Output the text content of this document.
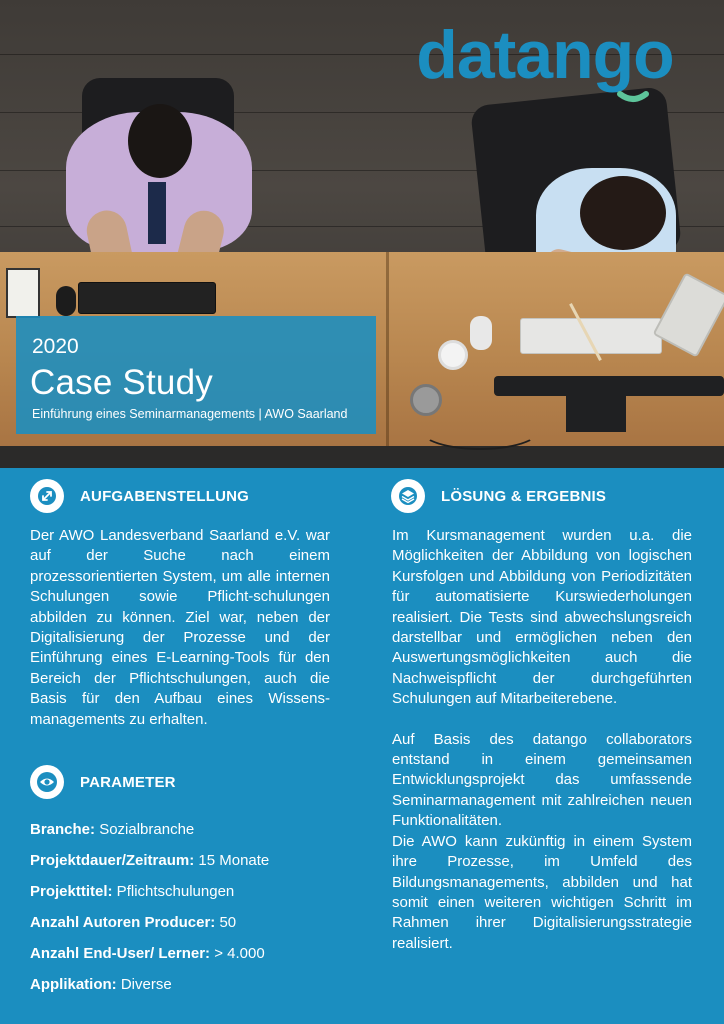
datango
2020
Case Study
Einführung eines Seminarmanagements | AWO Saarland
AUFGABENSTELLUNG
Der AWO Landesverband Saarland e.V. war auf der Suche nach einem prozessorientierten System, um alle internen Schulungen sowie Pflicht-schulungen abbilden zu können. Ziel war, neben der Digitalisierung der Prozesse und der Einführung eines E-Learning-Tools für den Bereich der Pflichtschulungen, auch die Basis für den Aufbau eines Wissens-managements zu erhalten.
PARAMETER
Branche: Sozialbranche
Projektdauer/Zeitraum: 15 Monate
Projekttitel: Pflichtschulungen
Anzahl Autoren Producer: 50
Anzahl End-User/ Lerner: > 4.000
Applikation: Diverse
LÖSUNG & ERGEBNIS
Im Kursmanagement wurden u.a. die Möglichkeiten der Abbildung von logischen Kursfolgen und Abbildung von Periodizitäten für automatisierte Kurswiederholungen realisiert. Die Tests sind abwechslungsreich darstellbar und ermöglichen neben den Auswertungsmöglichkeiten auch die Nachweispflicht der durchgeführten Schulungen auf Mitarbeiterebene.
Auf Basis des datango collaborators entstand in einem gemeinsamen Entwicklungsprojekt das umfassende Seminarmanagement mit zahlreichen neuen Funktionalitäten.
Die AWO kann zukünftig in einem System ihre Prozesse, im Umfeld des Bildungsmanagements, abbilden und hat somit einen weiteren wichtigen Schritt im Rahmen ihrer Digitalisierungsstrategie realisiert.
